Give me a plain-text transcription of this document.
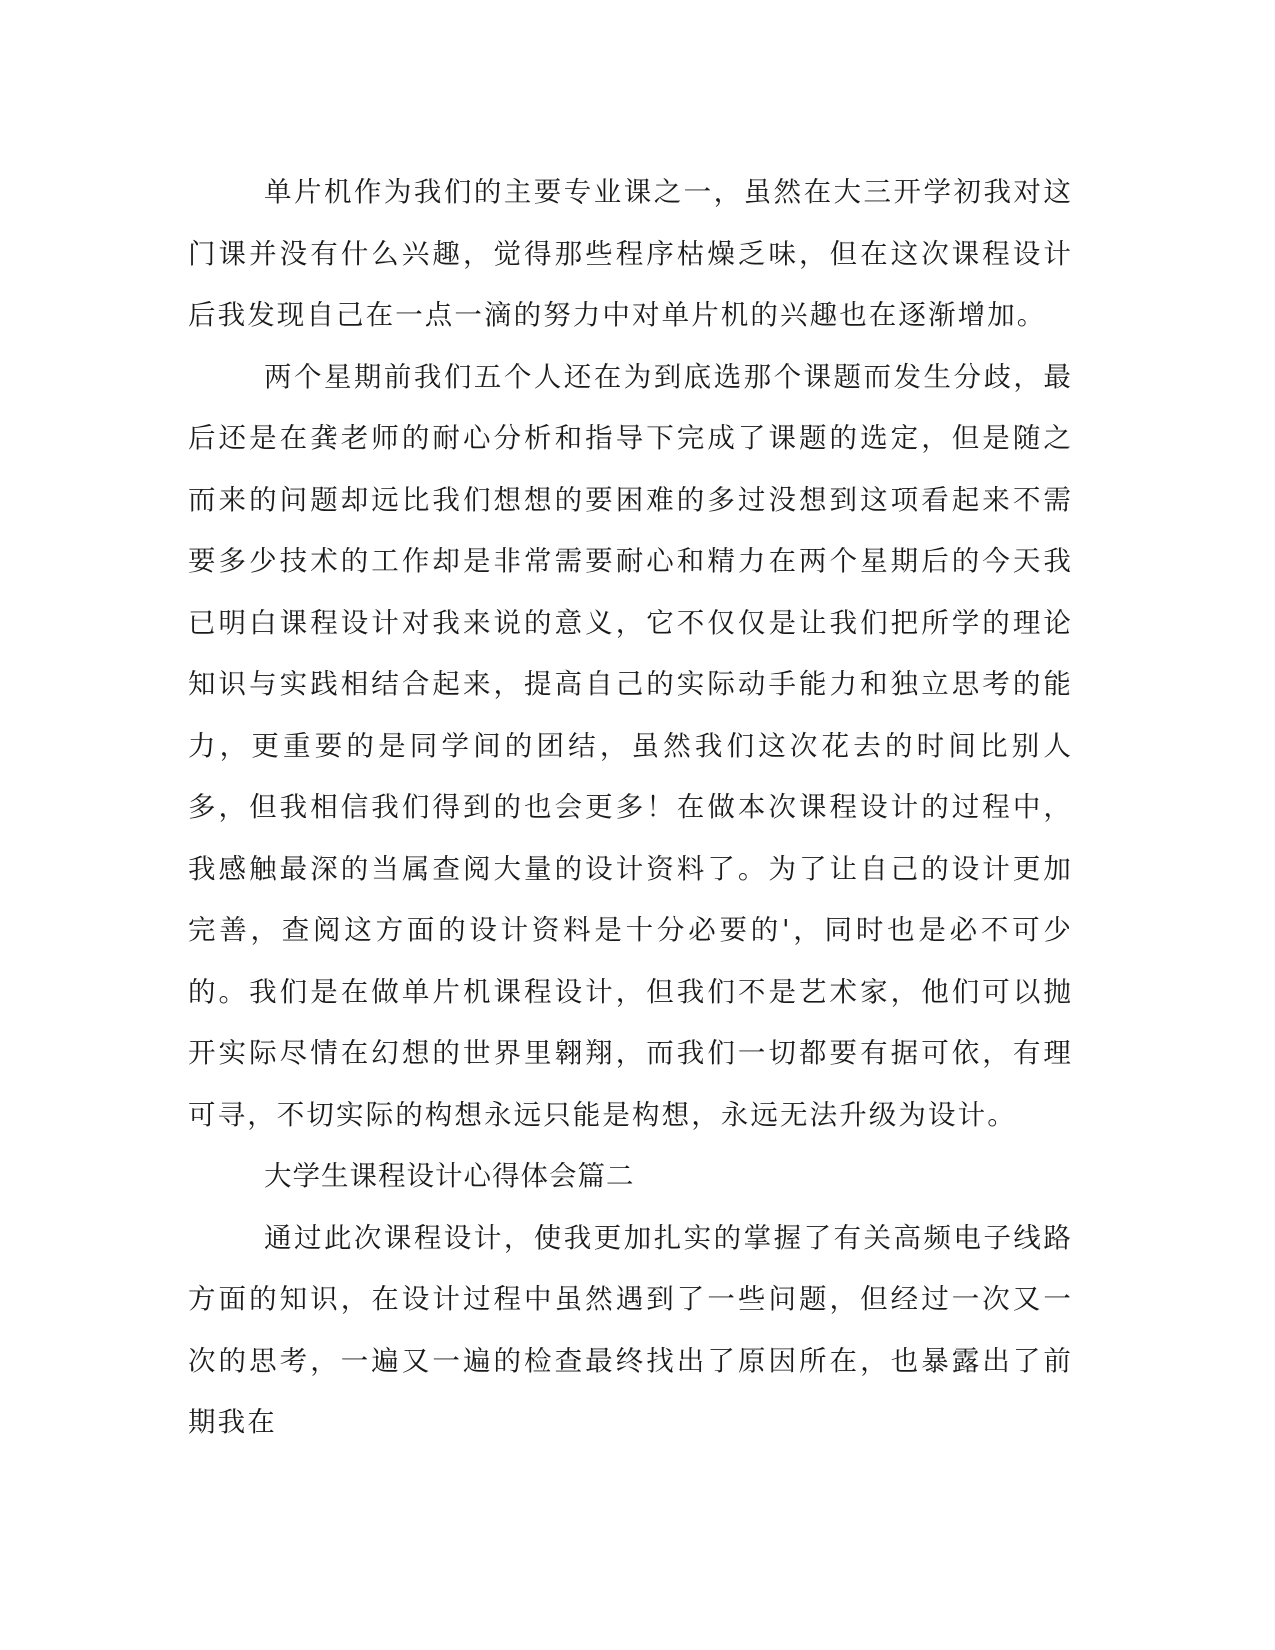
单片机作为我们的主要专业课之一，虽然在大三开学初我对这门课并没有什么兴趣，觉得那些程序枯燥乏味，但在这次课程设计后我发现自己在一点一滴的努力中对单片机的兴趣也在逐渐增加。

两个星期前我们五个人还在为到底选那个课题而发生分歧，最后还是在龚老师的耐心分析和指导下完成了课题的选定，但是随之而来的问题却远比我们想想的要困难的多过没想到这项看起来不需要多少技术的工作却是非常需要耐心和精力在两个星期后的今天我已明白课程设计对我来说的意义，它不仅仅是让我们把所学的理论知识与实践相结合起来，提高自己的实际动手能力和独立思考的能力，更重要的是同学间的团结，虽然我们这次花去的时间比别人多，但我相信我们得到的也会更多！在做本次课程设计的过程中，我感触最深的当属查阅大量的设计资料了。为了让自己的设计更加完善，查阅这方面的设计资料是十分必要的'，同时也是必不可少的。我们是在做单片机课程设计，但我们不是艺术家，他们可以抛开实际尽情在幻想的世界里翱翔，而我们一切都要有据可依，有理可寻，不切实际的构想永远只能是构想，永远无法升级为设计。

大学生课程设计心得体会篇二

通过此次课程设计，使我更加扎实的掌握了有关高频电子线路方面的知识，在设计过程中虽然遇到了一些问题，但经过一次又一次的思考，一遍又一遍的检查最终找出了原因所在，也暴露出了前期我在
